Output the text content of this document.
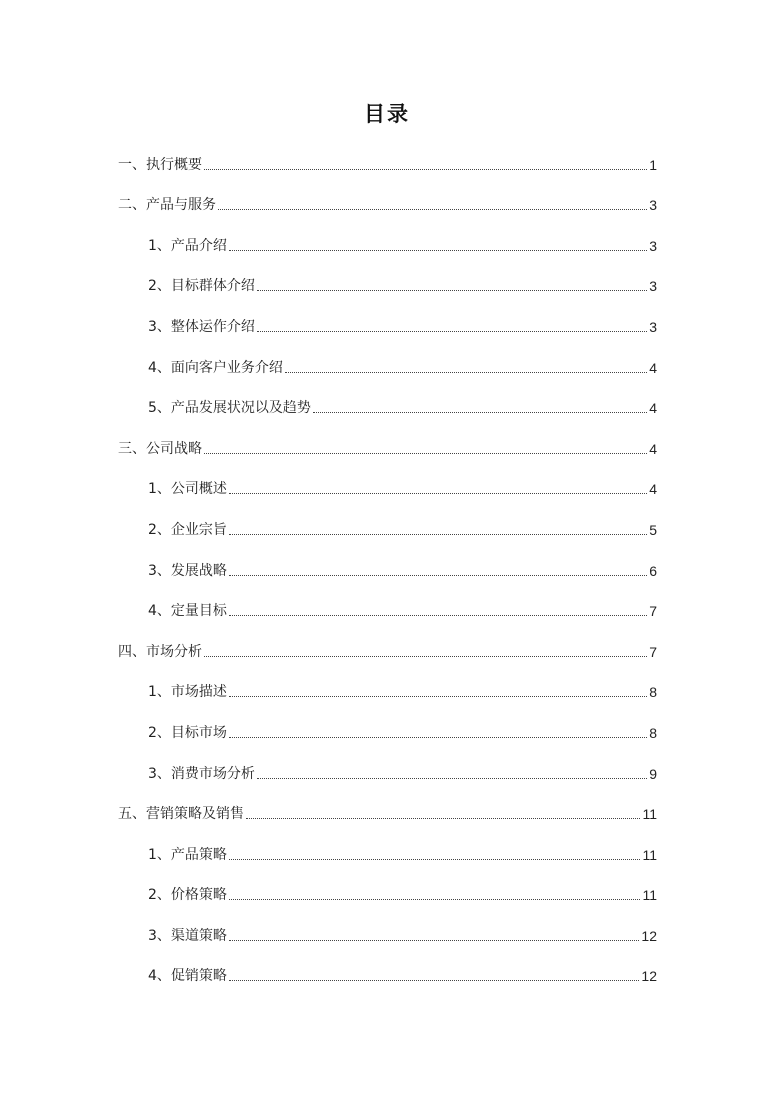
目录
一、执行概要	1
二、产品与服务	3
1、产品介绍	3
2、目标群体介绍	3
3、整体运作介绍	3
4、面向客户业务介绍	4
5、产品发展状况以及趋势	4
三、公司战略	4
1、公司概述	4
2、企业宗旨	5
3、发展战略	6
4、定量目标	7
四、市场分析	7
1、市场描述	8
2、目标市场	8
3、消费市场分析	9
五、营销策略及销售	11
1、产品策略	11
2、价格策略	11
3、渠道策略	12
4、促销策略	12
